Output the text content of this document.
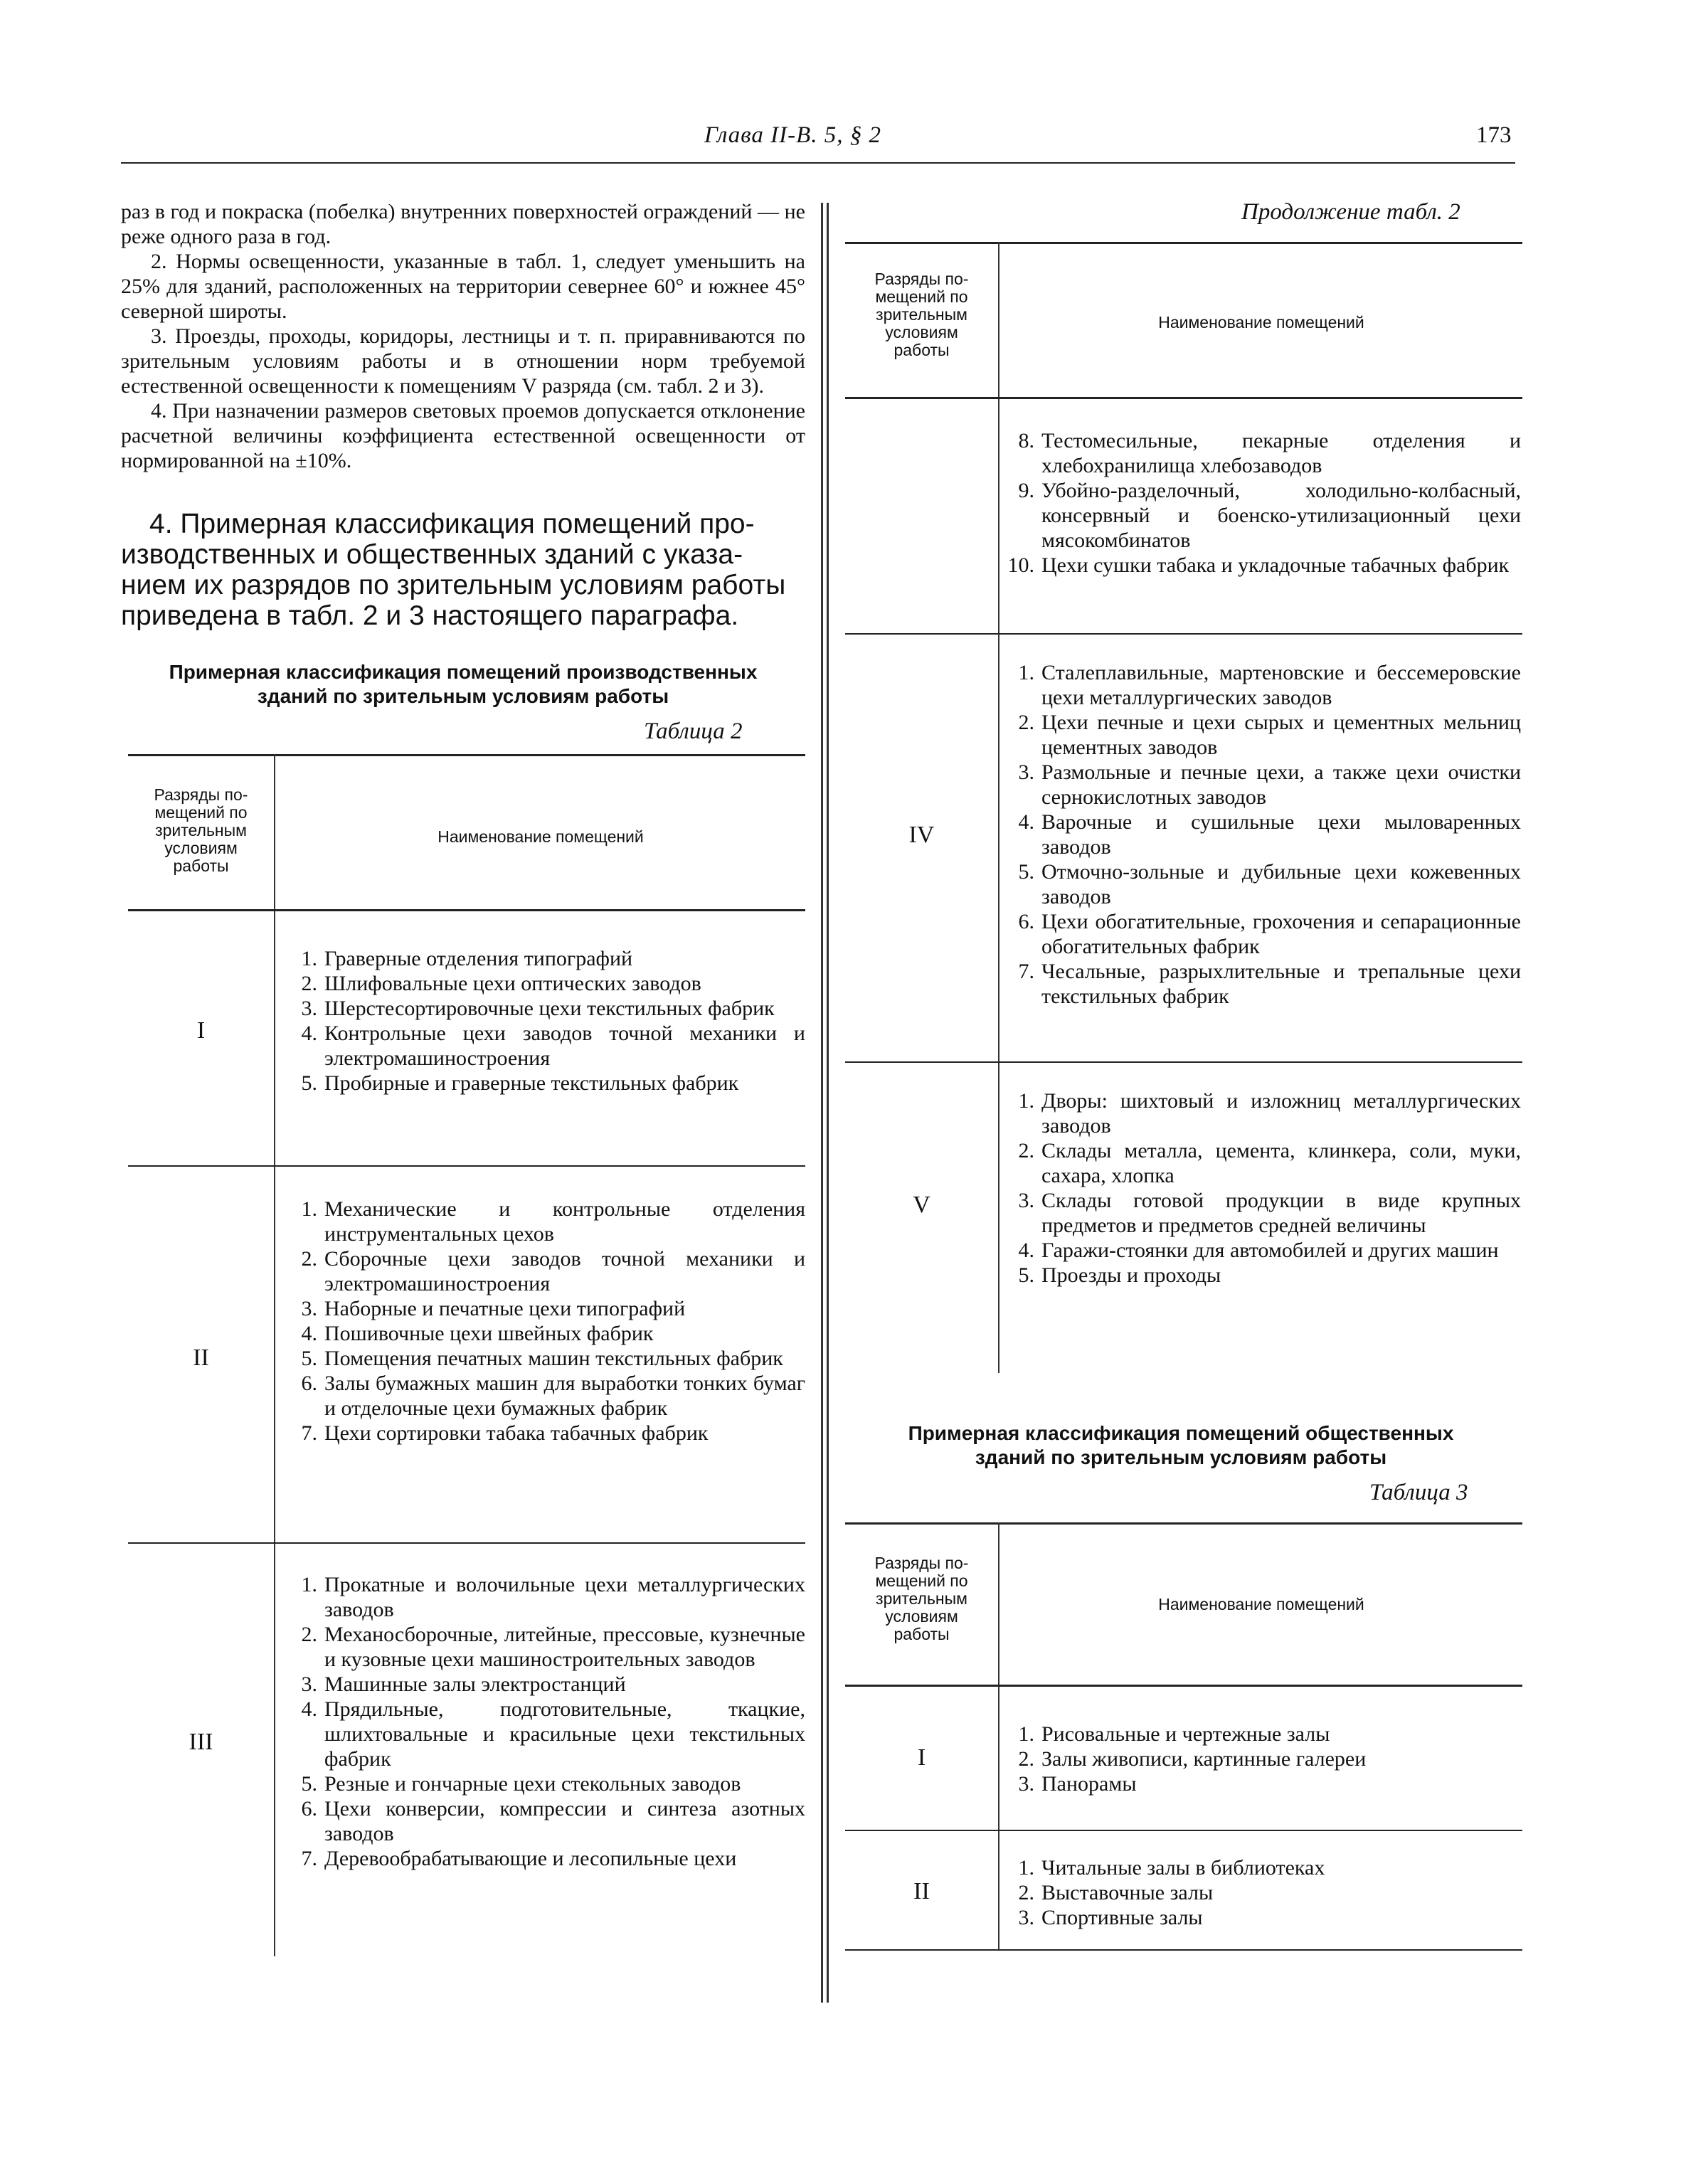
Глава II-В. 5, § 2	173

раз в год и покраска (побелка) внутренних поверхностей ограждений — не реже одного раза в год.

2. Нормы освещенности, указанные в табл. 1, следует уменьшить на 25% для зданий, расположенных на территории севернее 60° и южнее 45° северной широты.

3. Проезды, проходы, коридоры, лестницы и т. п. приравниваются по зрительным условиям работы и в отношении норм требуемой естественной освещенности к помещениям V разряда (см. табл. 2 и 3).

4. При назначении размеров световых проемов допускается отклонение расчетной величины коэффициента естественной освещенности от нормированной на ±10%.

4. Примерная классификация помещений про-
изводственных и общественных зданий с указа-
нием их разрядов по зрительным условиям работы
приведена в табл. 2 и 3 настоящего параграфа.
Примерная классификация помещений производственных
зданий по зрительным условиям работы
Таблица 2
Разряды по-
мещений по
зрительным
условиям
работы
Наименование помещений
I
1. Граверные отделения типографий
2. Шлифовальные цехи оптических заводов
3. Шерстесортировочные цехи текстильных фабрик
4. Контрольные цехи заводов точной механики и электромашиностроения
5. Пробирные и граверные текстильных фабрик
II
1. Механические и контрольные отделения инструментальных цехов
2. Сборочные цехи заводов точной механики и электромашиностроения
3. Наборные и печатные цехи типографий
4. Пошивочные цехи швейных фабрик
5. Помещения печатных машин текстильных фабрик
6. Залы бумажных машин для выработки тонких бумаг и отделочные цехи бумажных фабрик
7. Цехи сортировки табака табачных фабрик
III
1. Прокатные и волочильные цехи металлургических заводов
2. Механосборочные, литейные, прессовые, кузнечные и кузовные цехи машиностроительных заводов
3. Машинные залы электростанций
4. Прядильные, подготовительные, ткацкие, шлихтовальные и красильные цехи текстильных фабрик
5. Резные и гончарные цехи стекольных заводов
6. Цехи конверсии, компрессии и синтеза азотных заводов
7. Деревообрабатывающие и лесопильные цехи
Продолжение табл. 2
Разряды по-
мещений по
зрительным
условиям
работы
Наименование помещений
8. Тестомесильные, пекарные отделения и хлебохранилища хлебозаводов
9. Убойно-разделочный, холодильно-колбасный, консервный и боенско-утилизационный цехи мясокомбинатов
10. Цехи сушки табака и укладочные табачных фабрик
IV
1. Сталеплавильные, мартеновские и бессемеровские цехи металлургических заводов
2. Цехи печные и цехи сырых и цементных мельниц цементных заводов
3. Размольные и печные цехи, а также цехи очистки сернокислотных заводов
4. Варочные и сушильные цехи мыловаренных заводов
5. Отмочно-зольные и дубильные цехи кожевенных заводов
6. Цехи обогатительные, грохочения и сепарационные обогатительных фабрик
7. Чесальные, разрыхлительные и трепальные цехи текстильных фабрик
V
1. Дворы: шихтовый и изложниц металлургических заводов
2. Склады металла, цемента, клинкера, соли, муки, сахара, хлопка
3. Склады готовой продукции в виде крупных предметов и предметов средней величины
4. Гаражи-стоянки для автомобилей и других машин
5. Проезды и проходы
Примерная классификация помещений общественных
зданий по зрительным условиям работы
Таблица 3
Разряды по-
мещений по
зрительным
условиям
работы
Наименование помещений
I
1. Рисовальные и чертежные залы
2. Залы живописи, картинные галереи
3. Панорамы
II
1. Читальные залы в библиотеках
2. Выставочные залы
3. Спортивные залы
